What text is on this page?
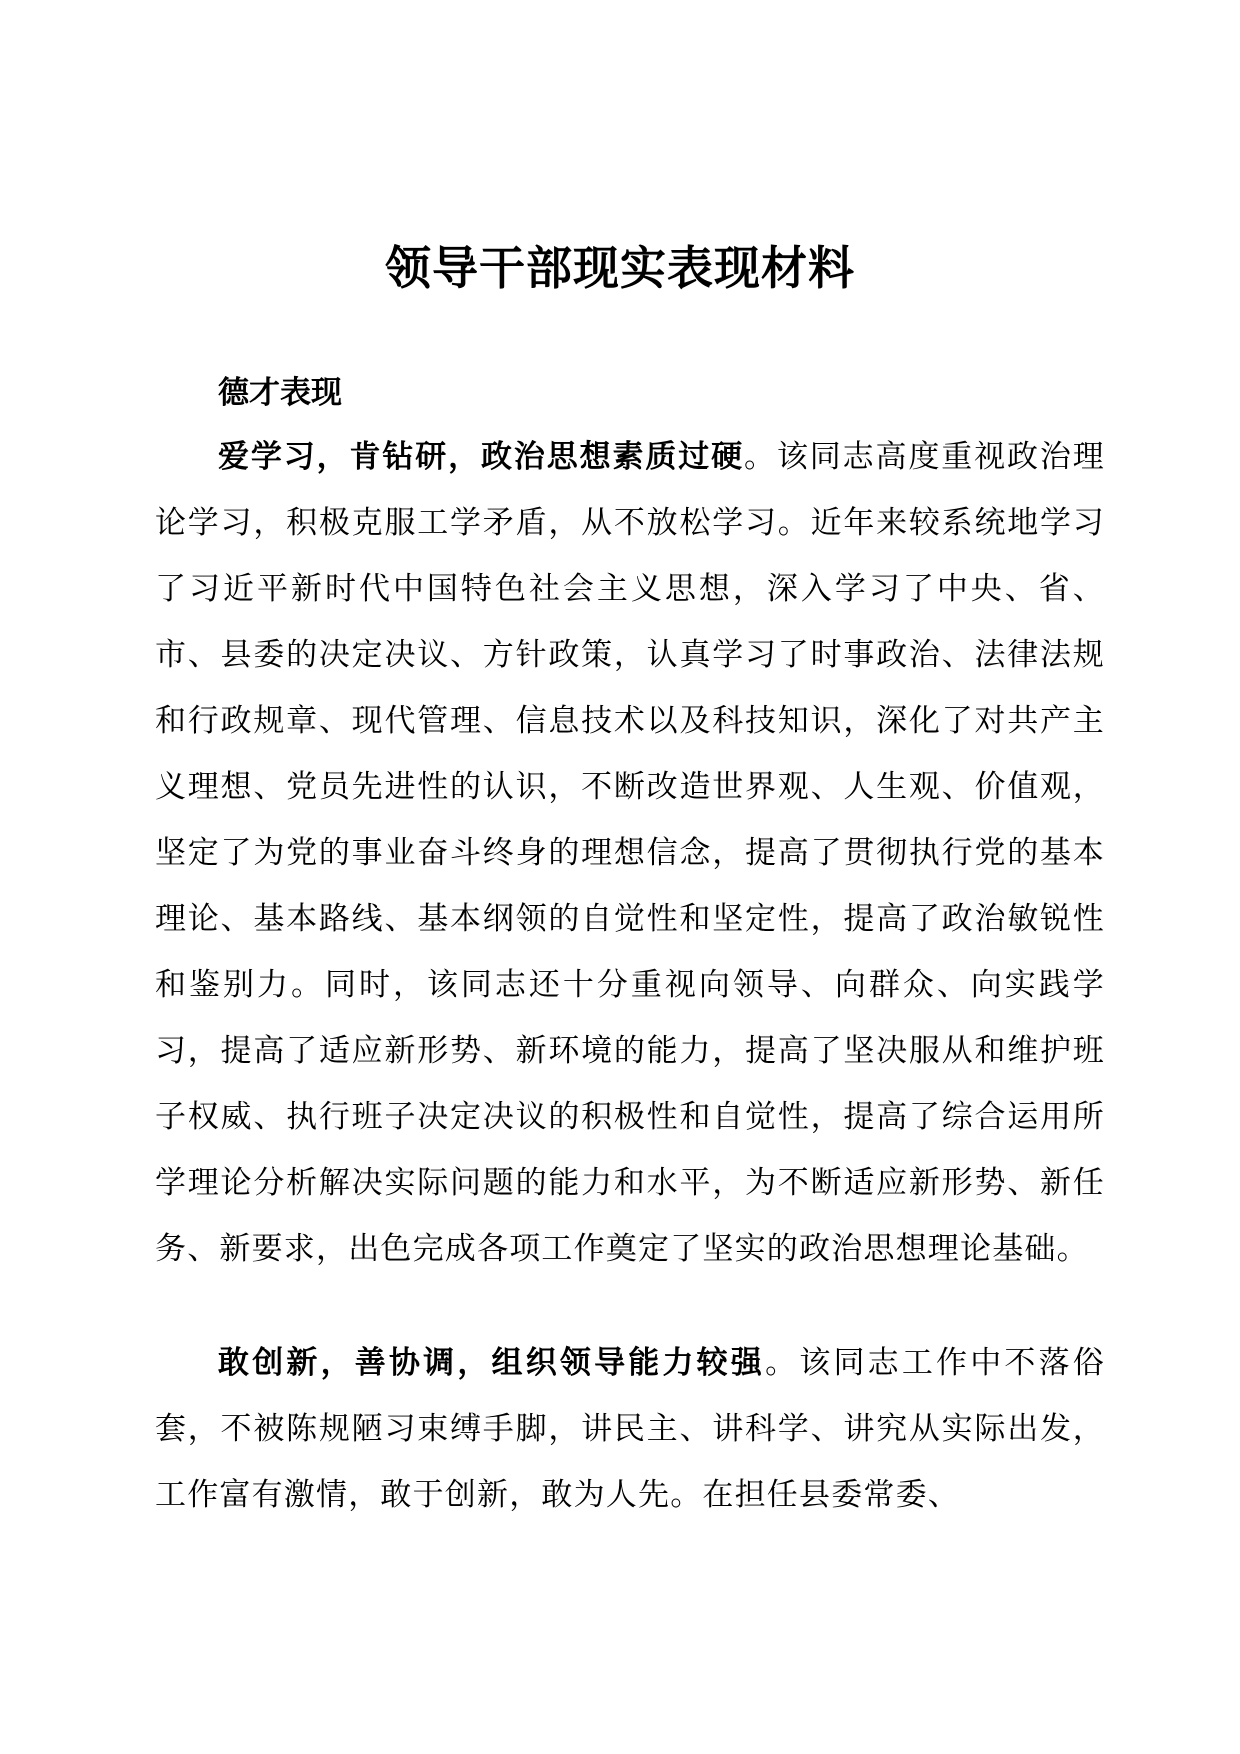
领导干部现实表现材料
德才表现

爱学习，肯钻研，政治思想素质过硬。该同志高度重视政治理论学习，积极克服工学矛盾，从不放松学习。近年来较系统地学习了习近平新时代中国特色社会主义思想，深入学习了中央、省、市、县委的决定决议、方针政策，认真学习了时事政治、法律法规和行政规章、现代管理、信息技术以及科技知识，深化了对共产主义理想、党员先进性的认识，不断改造世界观、人生观、价值观，坚定了为党的事业奋斗终身的理想信念，提高了贯彻执行党的基本理论、基本路线、基本纲领的自觉性和坚定性，提高了政治敏锐性和鉴别力。同时，该同志还十分重视向领导、向群众、向实践学习，提高了适应新形势、新环境的能力，提高了坚决服从和维护班子权威、执行班子决定决议的积极性和自觉性，提高了综合运用所学理论分析解决实际问题的能力和水平，为不断适应新形势、新任务、新要求，出色完成各项工作奠定了坚实的政治思想理论基础。

敢创新，善协调，组织领导能力较强。该同志工作中不落俗套，不被陈规陋习束缚手脚，讲民主、讲科学、讲究从实际出发，工作富有激情，敢于创新，敢为人先。在担任县委常委、
